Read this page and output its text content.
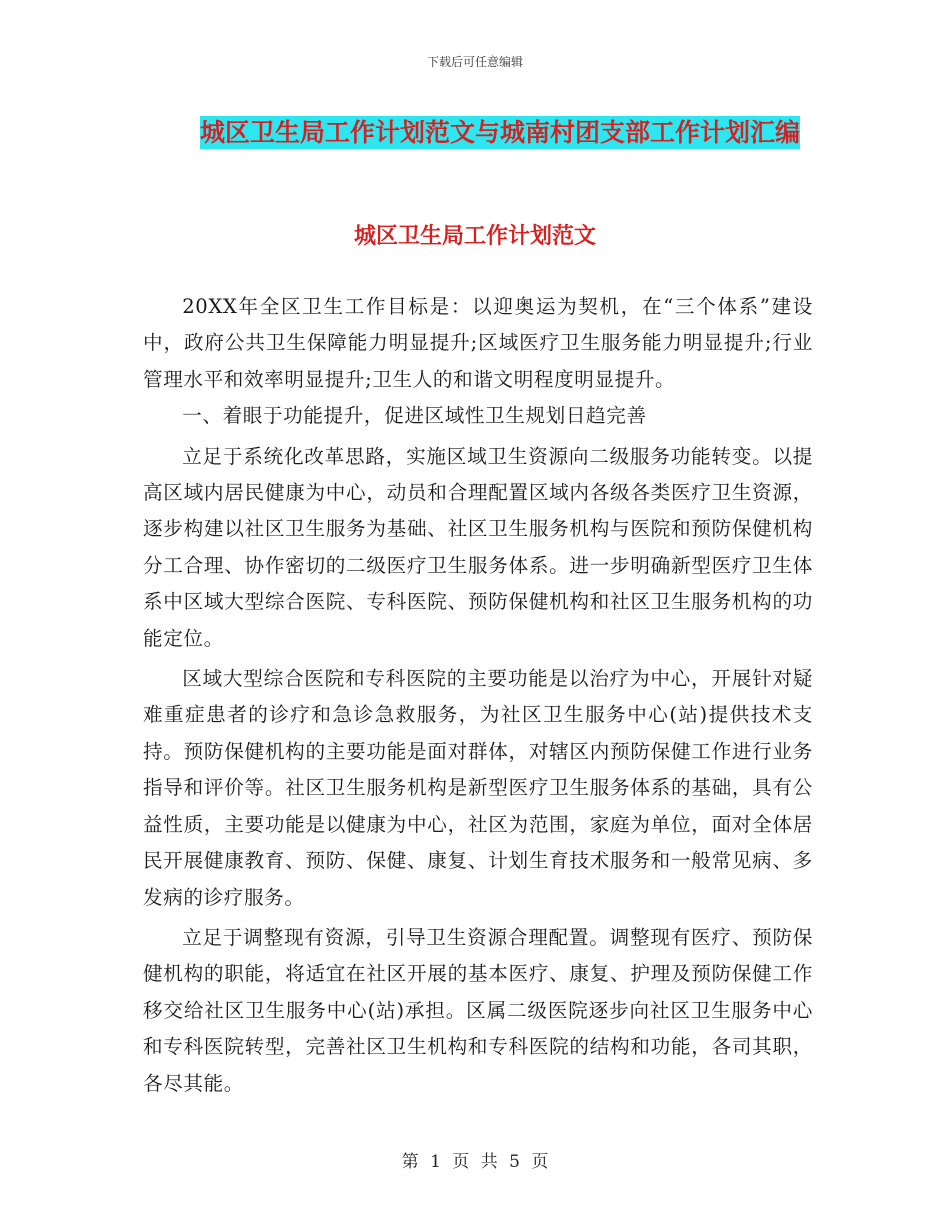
下载后可任意编辑
城区卫生局工作计划范文与城南村团支部工作计划汇编
城区卫生局工作计划范文

20XX年全区卫生工作目标是：以迎奥运为契机，在“三个体系”建设中，政府公共卫生保障能力明显提升;区域医疗卫生服务能力明显提升;行业管理水平和效率明显提升;卫生人的和谐文明程度明显提升。

一、着眼于功能提升，促进区域性卫生规划日趋完善

立足于系统化改革思路，实施区域卫生资源向二级服务功能转变。以提高区域内居民健康为中心，动员和合理配置区域内各级各类医疗卫生资源，逐步构建以社区卫生服务为基础、社区卫生服务机构与医院和预防保健机构分工合理、协作密切的二级医疗卫生服务体系。进一步明确新型医疗卫生体系中区域大型综合医院、专科医院、预防保健机构和社区卫生服务机构的功能定位。

区域大型综合医院和专科医院的主要功能是以治疗为中心，开展针对疑难重症患者的诊疗和急诊急救服务，为社区卫生服务中心(站)提供技术支持。预防保健机构的主要功能是面对群体，对辖区内预防保健工作进行业务指导和评价等。社区卫生服务机构是新型医疗卫生服务体系的基础，具有公益性质，主要功能是以健康为中心，社区为范围，家庭为单位，面对全体居民开展健康教育、预防、保健、康复、计划生育技术服务和一般常见病、多发病的诊疗服务。

立足于调整现有资源，引导卫生资源合理配置。调整现有医疗、预防保健机构的职能，将适宜在社区开展的基本医疗、康复、护理及预防保健工作移交给社区卫生服务中心(站)承担。区属二级医院逐步向社区卫生服务中心和专科医院转型，完善社区卫生机构和专科医院的结构和功能，各司其职，各尽其能。

第 1 页 共 5 页
